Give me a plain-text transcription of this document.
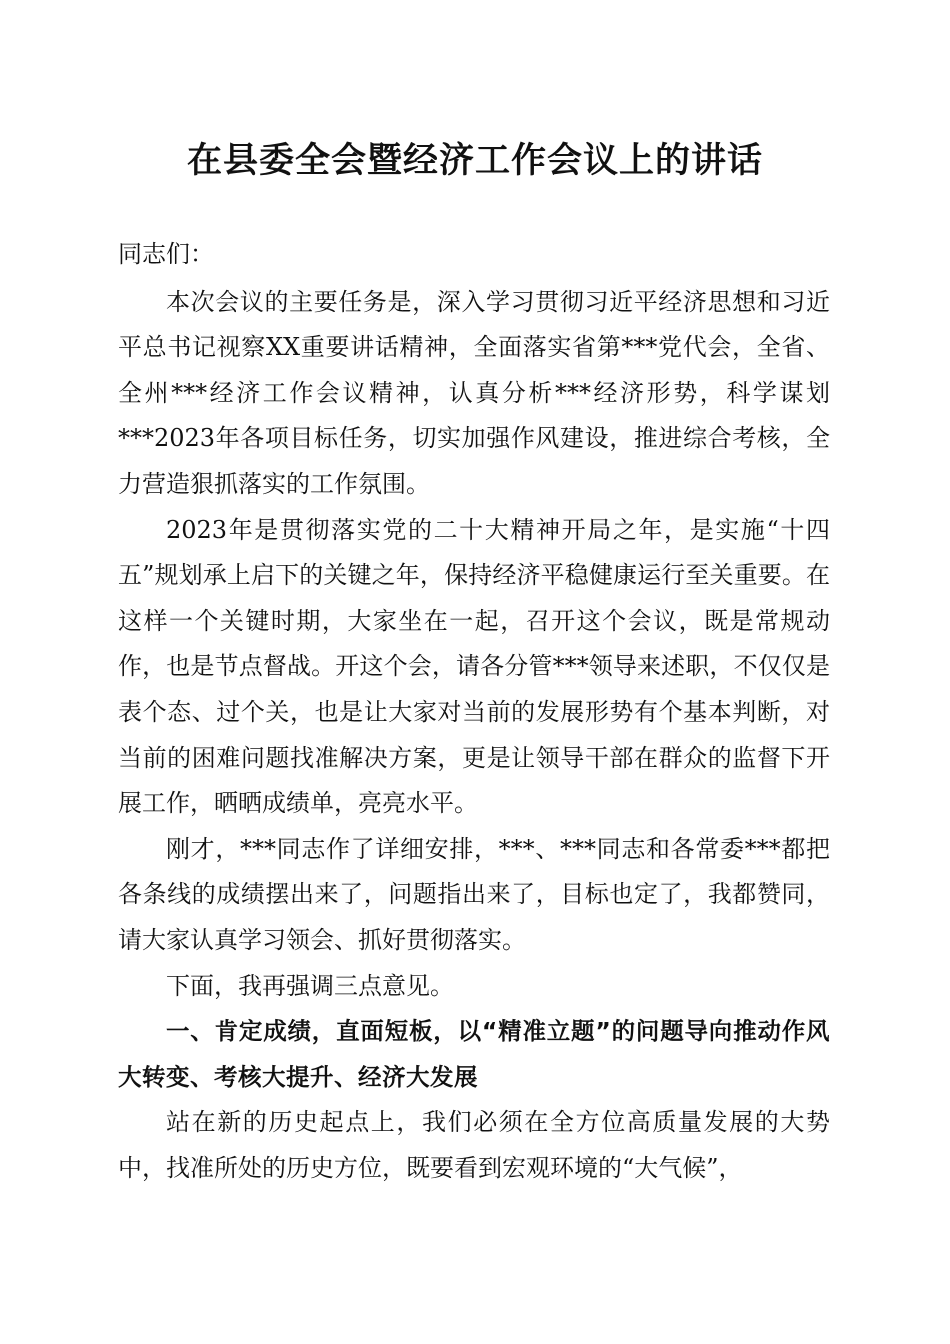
在县委全会暨经济工作会议上的讲话

同志们：

本次会议的主要任务是，深入学习贯彻习近平经济思想和习近平总书记视察XX重要讲话精神，全面落实省第***党代会，全省、全州***经济工作会议精神，认真分析***经济形势，科学谋划***2023年各项目标任务，切实加强作风建设，推进综合考核，全力营造狠抓落实的工作氛围。

2023年是贯彻落实党的二十大精神开局之年，是实施“十四五”规划承上启下的关键之年，保持经济平稳健康运行至关重要。在这样一个关键时期，大家坐在一起，召开这个会议，既是常规动作，也是节点督战。开这个会，请各分管***领导来述职，不仅仅是表个态、过个关，也是让大家对当前的发展形势有个基本判断，对当前的困难问题找准解决方案，更是让领导干部在群众的监督下开展工作，晒晒成绩单，亮亮水平。

刚才，***同志作了详细安排，***、***同志和各常委***都把各条线的成绩摆出来了，问题指出来了，目标也定了，我都赞同，请大家认真学习领会、抓好贯彻落实。

下面，我再强调三点意见。

一、肯定成绩，直面短板，以“精准立题”的问题导向推动作风大转变、考核大提升、经济大发展

站在新的历史起点上，我们必须在全方位高质量发展的大势中，找准所处的历史方位，既要看到宏观环境的“大气候”，
